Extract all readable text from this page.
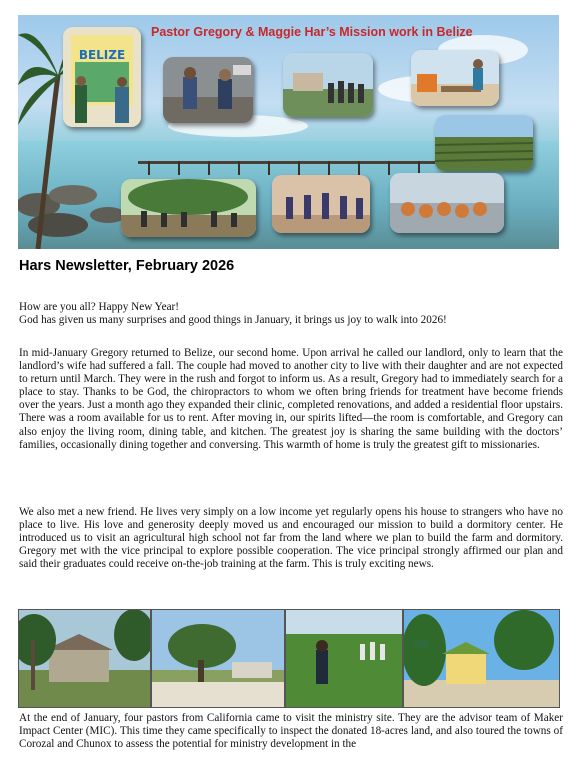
Pastor Gregory & Maggie Har’s Mission work in Belize
BELIZE
Hars Newsletter, February 2026

How are you all? Happy New Year!
God has given us many surprises and good things in January, it brings us joy to walk into 2026!

In mid-January Gregory returned to Belize, our second home. Upon arrival he called our landlord, only to learn that the landlord’s wife had suffered a fall. The couple had moved to another city to live with their daughter and are not expected to return until March. They were in the rush and forgot to inform us. As a result, Gregory had to immediately search for a place to stay. Thanks to be God, the chiropractors to whom we often bring friends for treatment have become friends over the years. Just a month ago they expanded their clinic, completed renovations, and added a residential floor upstairs. There was a room available for us to rent. After moving in, our spirits lifted—the room is comfortable, and Gregory can also enjoy the living room, dining table, and kitchen. The greatest joy is sharing the same building with the doctors’ families, occasionally dining together and conversing. This warmth of home is truly the greatest gift to missionaries.

We also met a new friend. He lives very simply on a low income yet regularly opens his house to strangers who have no place to live. His love and generosity deeply moved us and encouraged our mission to build a dormitory center. He introduced us to visit an agricultural high school not far from the land where we plan to build the farm and dormitory. Gregory met with the vice principal to explore possible cooperation. The vice principal strongly affirmed our plan and said their graduates could receive on-the-job training at the farm. This is truly exciting news.

At the end of January, four pastors from California came to visit the ministry site. They are the advisor team of Maker Impact Center (MIC). This time they came specifically to inspect the donated 18-acres land, and also toured the towns of Corozal and Chunox to assess the potential for ministry development in the
